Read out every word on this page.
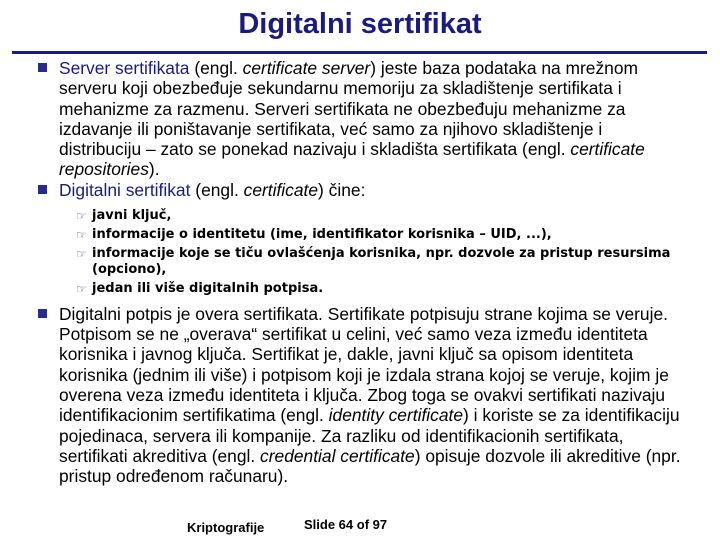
Digitalni sertifikat
Server sertifikata (engl. certificate server) jeste baza podataka na mrežnom serveru koji obezbeđuje sekundarnu memoriju za skladištenje sertifikata i mehanizme za razmenu. Serveri sertifikata ne obezbeđuju mehanizme za izdavanje ili poništavanje sertifikata, već samo za njihovo skladištenje i distribuciju – zato se ponekad nazivaju i skladišta sertifikata (engl. certificate repositories).
Digitalni sertifikat (engl. certificate) čine:
☞ javni ključ,
☞ informacije o identitetu (ime, identifikator korisnika – UID, ...),
☞ informacije koje se tiču ovlašćenja korisnika, npr. dozvole za pristup resursima (opciono),
☞ jedan ili više digitalnih potpisa.
Digitalni potpis je overa sertifikata. Sertifikate potpisuju strane kojima se veruje. Potpisom se ne „overava“ sertifikat u celini, već samo veza između identiteta korisnika i javnog ključa. Sertifikat je, dakle, javni ključ sa opisom identiteta korisnika (jednim ili više) i potpisom koji je izdala strana kojoj se veruje, kojim je overena veza između identiteta i ključa. Zbog toga se ovakvi sertifikati nazivaju identifikacionim sertifikatima (engl. identity certificate) i koriste se za identifikaciju pojedinaca, servera ili kompanije. Za razliku od identifikacionih sertifikata, sertifikati akreditiva (engl. credential certificate) opisuje dozvole ili akreditive (npr. pristup određenom računaru).
Kriptografije	Slide 64 of 97
